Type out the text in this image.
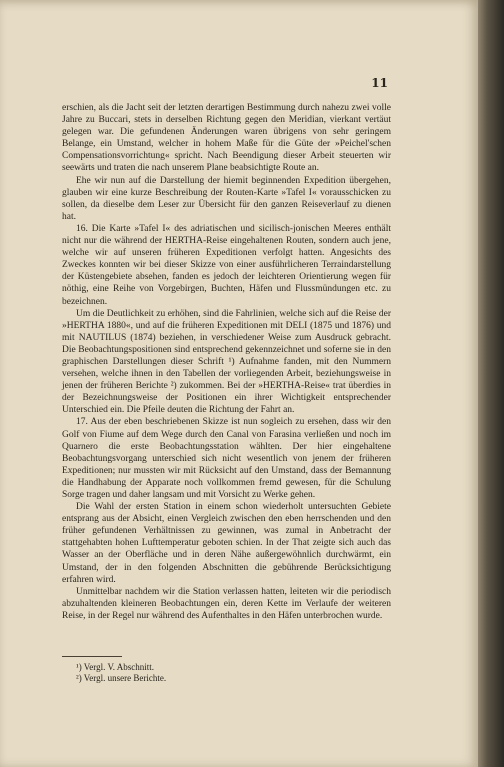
11

erschien, als die Jacht seit der letzten derartigen Bestimmung durch nahezu zwei volle Jahre zu Buccari, stets in derselben Richtung gegen den Meridian, vierkant vertäut gelegen war. Die gefundenen Änderungen waren übrigens von sehr geringem Belange, ein Umstand, welcher in hohem Maße für die Güte der »Peichel'schen Compensationsvorrichtung« spricht. Nach Beendigung dieser Arbeit steuerten wir seewärts und traten die nach unserem Plane beabsichtigte Route an.

Ehe wir nun auf die Darstellung der hiemit beginnenden Expedition übergehen, glauben wir eine kurze Beschreibung der Routen-Karte »Tafel I« vorausschicken zu sollen, da dieselbe dem Leser zur Übersicht für den ganzen Reiseverlauf zu dienen hat.

16. Die Karte »Tafel I« des adriatischen und sicilisch-jonischen Meeres enthält nicht nur die während der HERTHA-Reise eingehaltenen Routen, sondern auch jene, welche wir auf unseren früheren Expeditionen verfolgt hatten. Angesichts des Zweckes konnten wir bei dieser Skizze von einer ausführlicheren Terraindarstellung der Küstengebiete absehen, fanden es jedoch der leichteren Orientierung wegen für nöthig, eine Reihe von Vorgebirgen, Buchten, Häfen und Flussmündungen etc. zu bezeichnen.

Um die Deutlichkeit zu erhöhen, sind die Fahrlinien, welche sich auf die Reise der »HERTHA 1880«, und auf die früheren Expeditionen mit DELI (1875 und 1876) und mit NAUTILUS (1874) beziehen, in verschiedener Weise zum Ausdruck gebracht. Die Beobachtungspositionen sind entsprechend gekennzeichnet und soferne sie in den graphischen Darstellungen dieser Schrift ¹) Aufnahme fanden, mit den Nummern versehen, welche ihnen in den Tabellen der vorliegenden Arbeit, beziehungsweise in jenen der früheren Berichte ²) zukommen. Bei der »HERTHA-Reise« trat überdies in der Bezeichnungsweise der Positionen ein ihrer Wichtigkeit entsprechender Unterschied ein. Die Pfeile deuten die Richtung der Fahrt an.

17. Aus der eben beschriebenen Skizze ist nun sogleich zu ersehen, dass wir den Golf von Fiume auf dem Wege durch den Canal von Farasina verließen und noch im Quarnero die erste Beobachtungsstation wählten. Der hier eingehaltene Beobachtungsvorgang unterschied sich nicht wesentlich von jenem der früheren Expeditionen; nur mussten wir mit Rücksicht auf den Umstand, dass der Bemannung die Handhabung der Apparate noch vollkommen fremd gewesen, für die Schulung Sorge tragen und daher langsam und mit Vorsicht zu Werke gehen.

Die Wahl der ersten Station in einem schon wiederholt untersuchten Gebiete entsprang aus der Absicht, einen Vergleich zwischen den eben herrschenden und den früher gefundenen Verhältnissen zu gewinnen, was zumal in Anbetracht der stattgehabten hohen Lufttemperatur geboten schien. In der That zeigte sich auch das Wasser an der Oberfläche und in deren Nähe außergewöhnlich durchwärmt, ein Umstand, der in den folgenden Abschnitten die gebührende Berücksichtigung erfahren wird.

Unmittelbar nachdem wir die Station verlassen hatten, leiteten wir die periodisch abzuhaltenden kleineren Beobachtungen ein, deren Kette im Verlaufe der weiteren Reise, in der Regel nur während des Aufenthaltes in den Häfen unterbrochen wurde.

¹) Vergl. V. Abschnitt.

²) Vergl. unsere Berichte.
